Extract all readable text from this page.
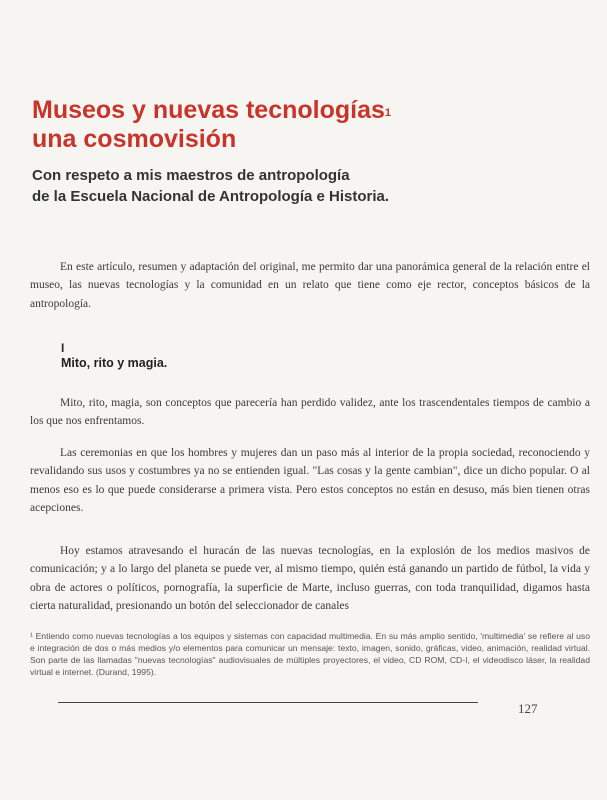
Museos y nuevas tecnologías$^1$
una cosmovisión

Con respeto a mis maestros de antropología
de la Escuela Nacional de Antropología e Historia.

En este artículo, resumen y adaptación del original, me permito dar una panorámica general de la relación entre el museo, las nuevas tecnologías y la comunidad en un relato que tiene como eje rector, conceptos básicos de la antropología.

I

Mito, rito y magia.

Mito, rito, magia, son conceptos que parecería han perdido validez, ante los trascendentales tiempos de cambio a los que nos enfrentamos.

Las ceremonias en que los hombres y mujeres dan un paso más al interior de la propia sociedad, reconociendo y revalidando sus usos y costumbres ya no se entienden igual. "Las cosas y la gente cambian", dice un dicho popular. O al menos eso es lo que puede considerarse a primera vista. Pero estos conceptos no están en desuso, más bien tienen otras acepciones.

Hoy estamos atravesando el huracán de las nuevas tecnologías, en la explosión de los medios masivos de comunicación; y a lo largo del planeta se puede ver, al mismo tiempo, quién está ganando un partido de fútbol, la vida y obra de actores o políticos, pornografía, la superficie de Marte, incluso guerras, con toda tranquilidad, digamos hasta cierta naturalidad, presionando un botón del seleccionador de canales

¹ Entiendo como nuevas tecnologías a los equipos y sistemas con capacidad multimedia. En su más amplio sentido, 'multimedia' se refiere al uso e integración de dos o más medios y/o elementos para comunicar un mensaje: texto, imagen, sonido, gráficas, video, animación, realidad virtual. Son parte de las llamadas "nuevas tecnologías" audiovisuales de múltiples proyectores, el video, CD ROM, CD-I, el videodisco láser, la realidad virtual e internet. (Durand, 1995).

127
